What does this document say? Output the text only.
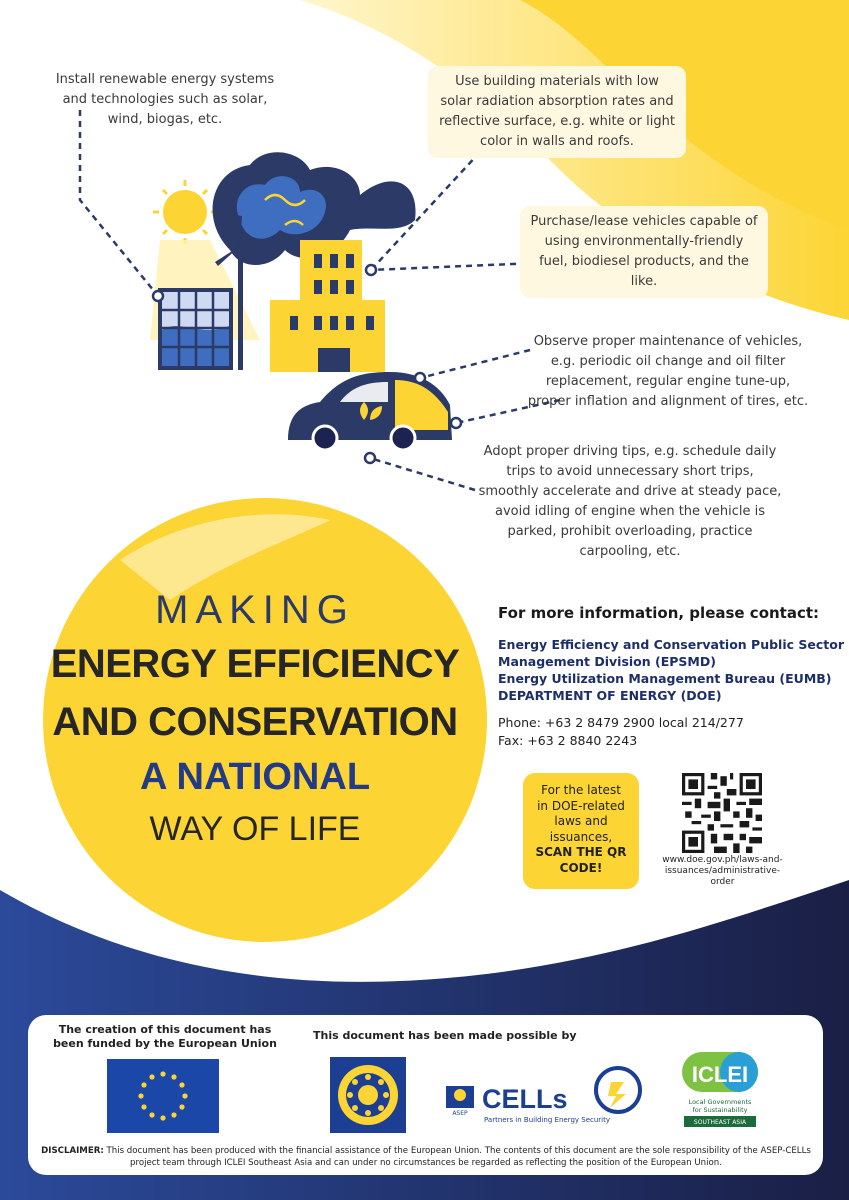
Install renewable energy systems and technologies such as solar, wind, biogas, etc.
Use building materials with low solar radiation absorption rates and reflective surface, e.g. white or light color in walls and roofs.
Purchase/lease vehicles capable of using environmentally-friendly fuel, biodiesel products, and the like.
Observe proper maintenance of vehicles, e.g. periodic oil change and oil filter replacement, regular engine tune-up, proper inflation and alignment of tires, etc.
Adopt proper driving tips, e.g. schedule daily trips to avoid unnecessary short trips, smoothly accelerate and drive at steady pace, avoid idling of engine when the vehicle is parked, prohibit overloading, practice carpooling, etc.
MAKING
ENERGY EFFICIENCY
AND CONSERVATION
A NATIONAL
WAY OF LIFE
For more information, please contact:
Energy Efficiency and Conservation Public Sector
Management Division (EPSMD)
Energy Utilization Management Bureau (EUMB)
DEPARTMENT OF ENERGY (DOE)
Phone: +63 2 8479 2900 local 214/277
Fax: +63 2 8840 2243
For the latest
in DOE-related
laws and
issuances,
SCAN THE QR
CODE!
www.doe.gov.ph/laws-and-issuances/administrative-order
The creation of this document has been funded by the European Union
This document has been made possible by
ASEP CELLs
Partners in Building Energy Security
ICLEI
Local Governments
for Sustainability
SOUTHEAST ASIA
DISCLAIMER: This document has been produced with the financial assistance of the European Union. The contents of this document are the sole responsibility of the ASEP-CELLs project team through ICLEI Southeast Asia and can under no circumstances be regarded as reflecting the position of the European Union.
